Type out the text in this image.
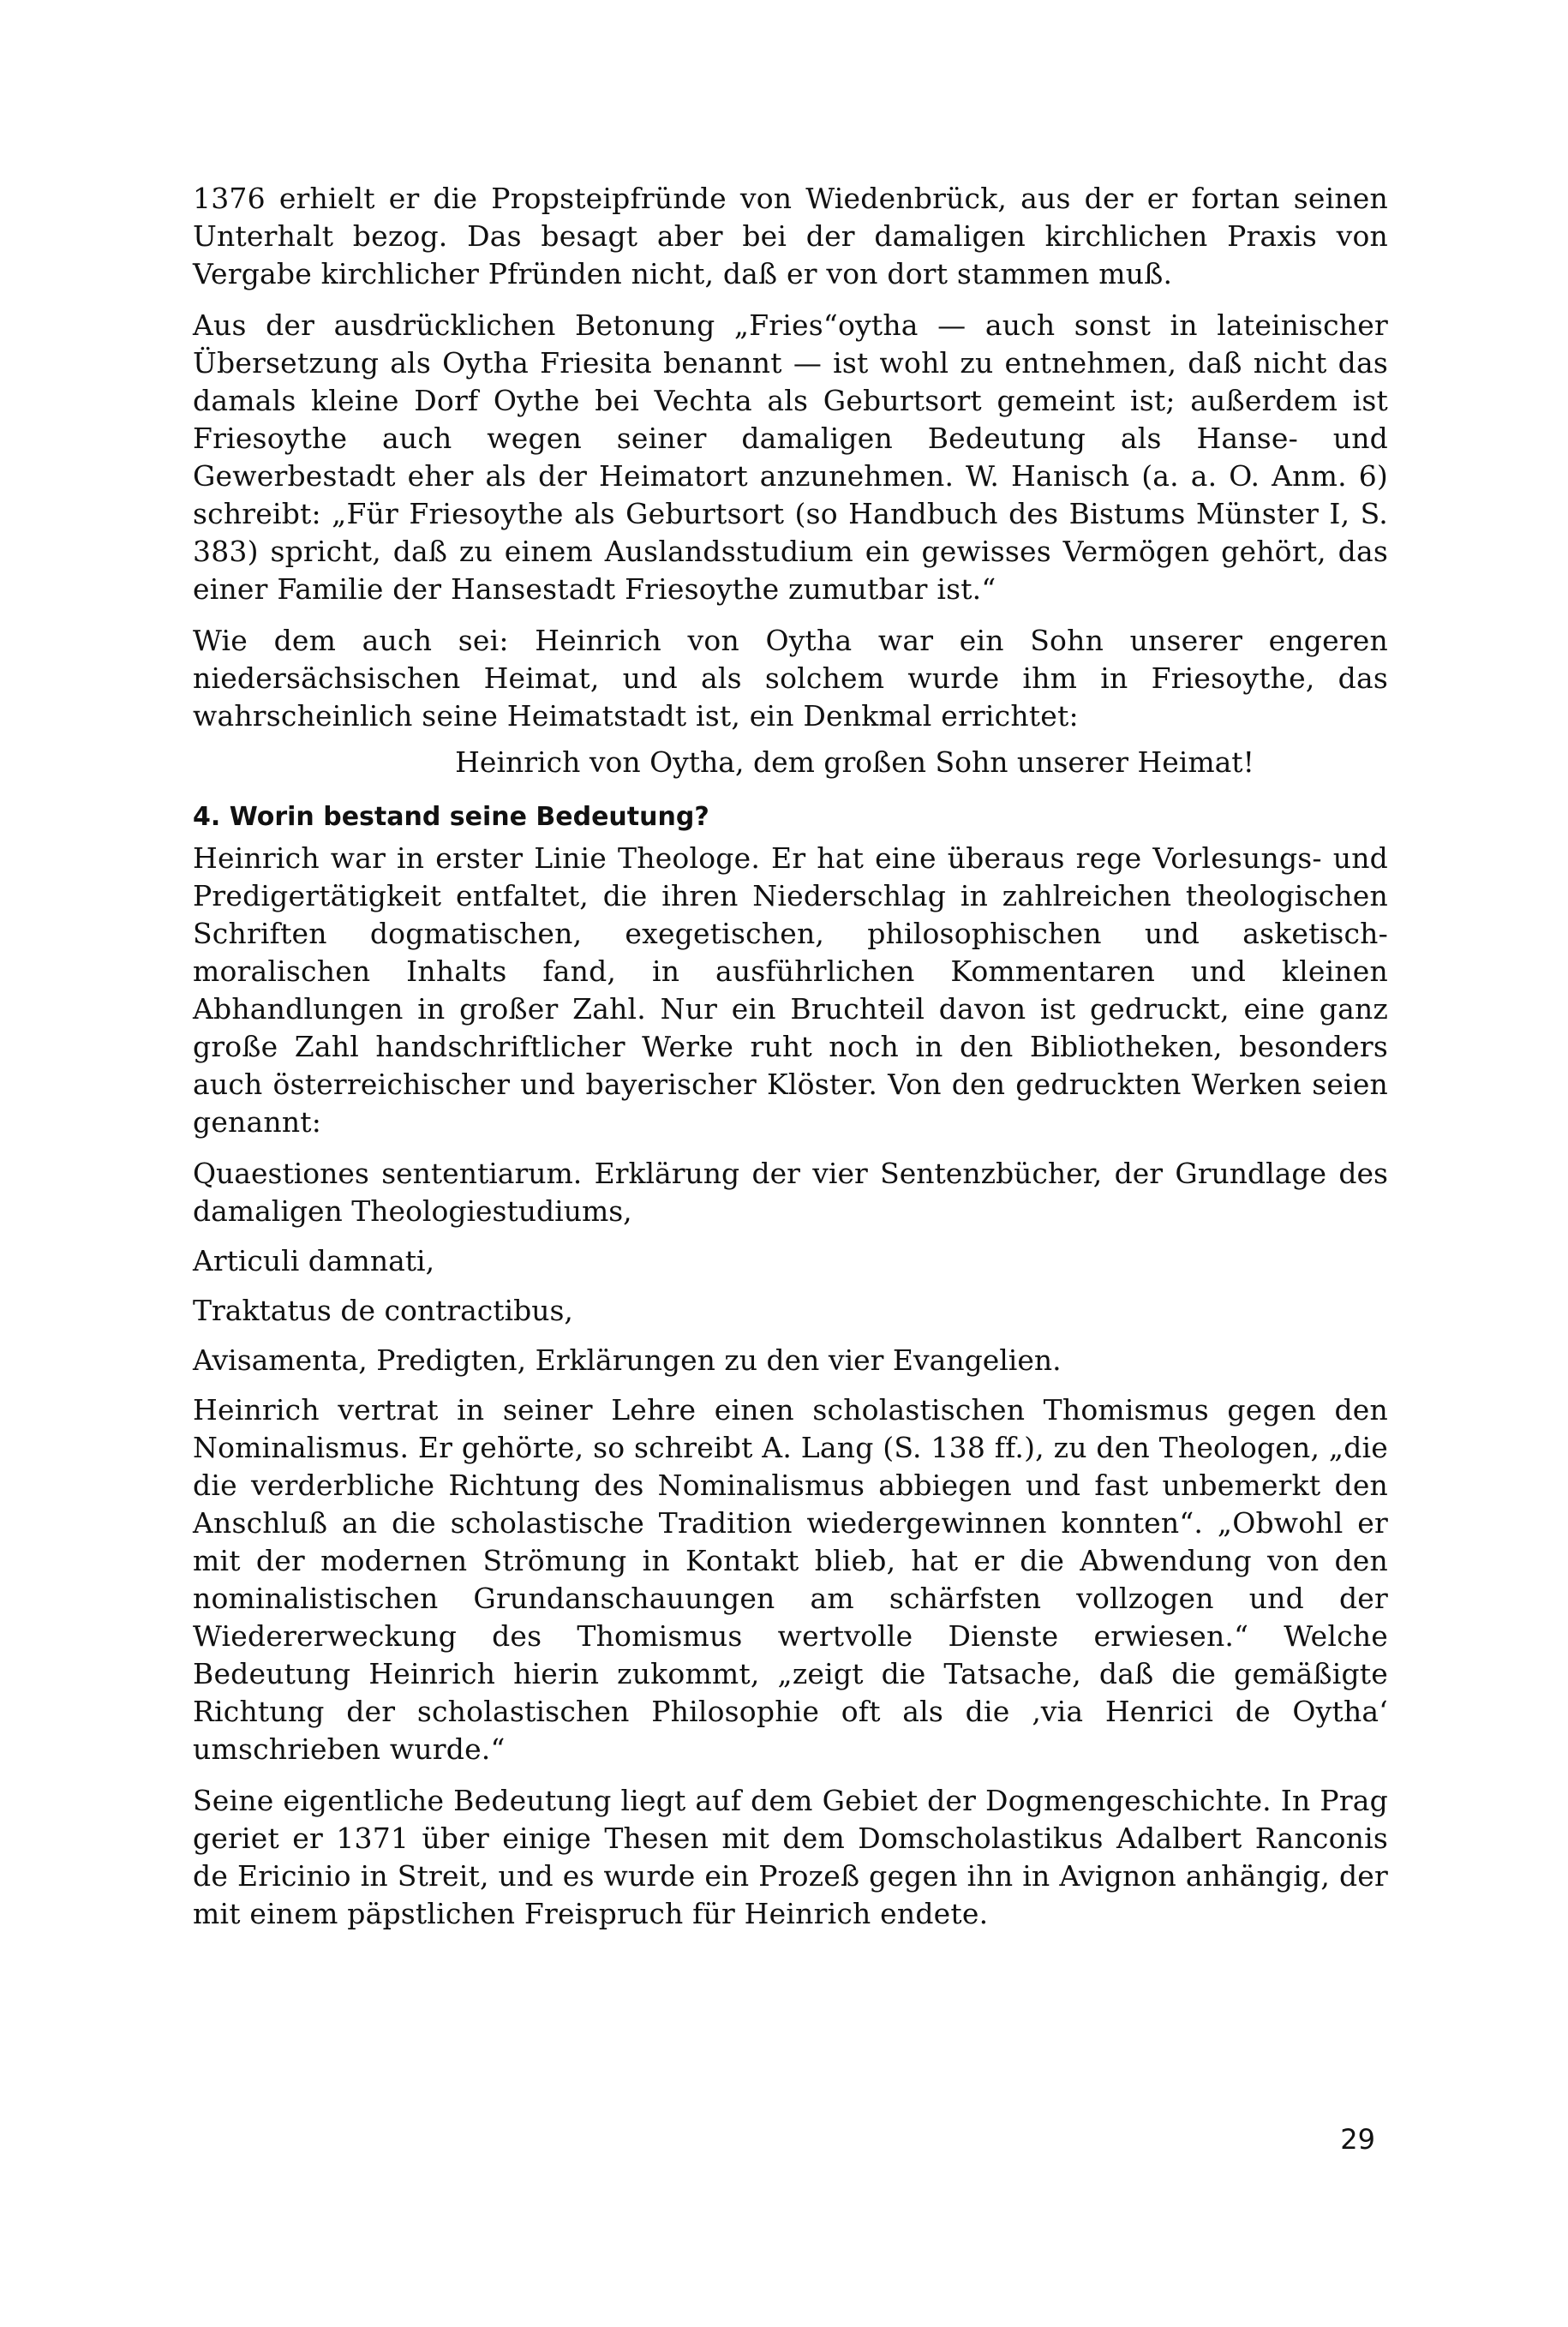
1376 erhielt er die Propsteipfründe von Wiedenbrück, aus der er fortan seinen Unterhalt bezog. Das besagt aber bei der damaligen kirchlichen Praxis von Vergabe kirchlicher Pfründen nicht, daß er von dort stammen muß.

Aus der ausdrücklichen Betonung „Fries“oytha — auch sonst in lateinischer Übersetzung als Oytha Friesita benannt — ist wohl zu entnehmen, daß nicht das damals kleine Dorf Oythe bei Vechta als Geburtsort gemeint ist; außerdem ist Friesoythe auch wegen seiner damaligen Bedeutung als Hanse- und Gewerbestadt eher als der Heimatort anzunehmen. W. Hanisch (a. a. O. Anm. 6) schreibt: „Für Friesoythe als Geburtsort (so Handbuch des Bistums Münster I, S. 383) spricht, daß zu einem Auslandsstudium ein gewisses Vermögen gehört, das einer Familie der Hansestadt Friesoythe zumutbar ist.“

Wie dem auch sei: Heinrich von Oytha war ein Sohn unserer engeren niedersächsischen Heimat, und als solchem wurde ihm in Friesoythe, das wahrscheinlich seine Heimatstadt ist, ein Denkmal errichtet:

Heinrich von Oytha, dem großen Sohn unserer Heimat!

4. Worin bestand seine Bedeutung?

Heinrich war in erster Linie Theologe. Er hat eine überaus rege Vorlesungs- und Predigertätigkeit entfaltet, die ihren Niederschlag in zahlreichen theologischen Schriften dogmatischen, exegetischen, philosophischen und asketisch-moralischen Inhalts fand, in ausführlichen Kommentaren und kleinen Abhandlungen in großer Zahl. Nur ein Bruchteil davon ist gedruckt, eine ganz große Zahl handschriftlicher Werke ruht noch in den Bibliotheken, besonders auch österreichischer und bayerischer Klöster. Von den gedruckten Werken seien genannt:

Quaestiones sententiarum. Erklärung der vier Sentenzbücher, der Grundlage des damaligen Theologiestudiums,

Articuli damnati,

Traktatus de contractibus,

Avisamenta, Predigten, Erklärungen zu den vier Evangelien.

Heinrich vertrat in seiner Lehre einen scholastischen Thomismus gegen den Nominalismus. Er gehörte, so schreibt A. Lang (S. 138 ff.), zu den Theologen, „die die verderbliche Richtung des Nominalismus abbiegen und fast unbemerkt den Anschluß an die scholastische Tradition wiedergewinnen konnten“. „Obwohl er mit der modernen Strömung in Kontakt blieb, hat er die Abwendung von den nominalistischen Grundanschauungen am schärfsten vollzogen und der Wiedererweckung des Thomismus wertvolle Dienste erwiesen.“ Welche Bedeutung Heinrich hierin zukommt, „zeigt die Tatsache, daß die gemäßigte Richtung der scholastischen Philosophie oft als die ‚via Henrici de Oytha‘ umschrieben wurde.“

Seine eigentliche Bedeutung liegt auf dem Gebiet der Dogmengeschichte. In Prag geriet er 1371 über einige Thesen mit dem Domscholastikus Adalbert Ranconis de Ericinio in Streit, und es wurde ein Prozeß gegen ihn in Avignon anhängig, der mit einem päpstlichen Freispruch für Heinrich endete.

29
